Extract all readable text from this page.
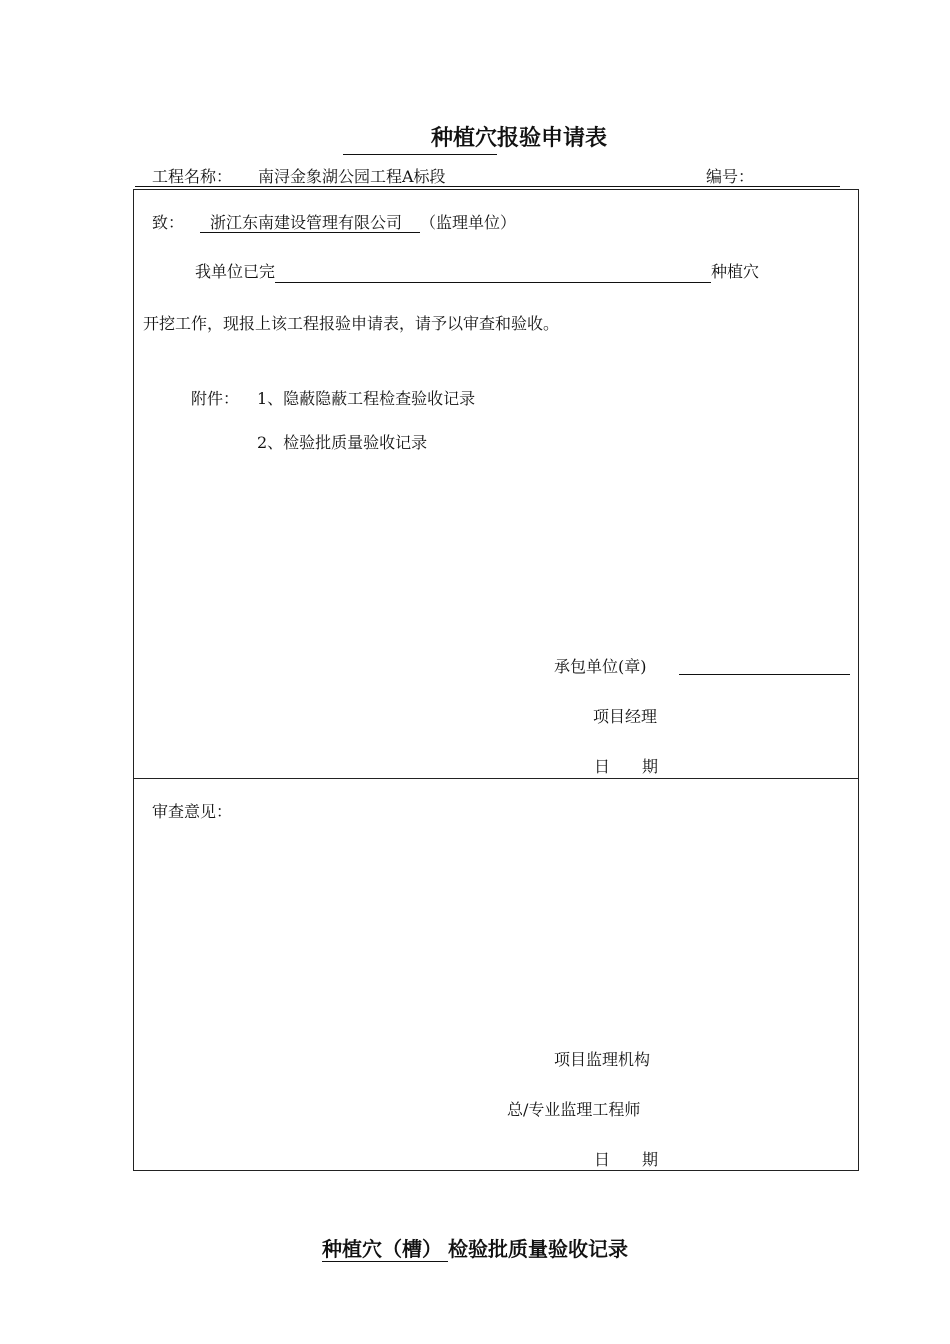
种植穴报验申请表
工程名称： 南浔金象湖公园工程A标段	编号：
致：	浙江东南建设管理有限公司 （监理单位）
我单位已完	种植穴
开挖工作，现报上该工程报验申请表，请予以审查和验收。
附件： 1、隐蔽隐蔽工程检查验收记录
2、检验批质量验收记录
承包单位(章)
项目经理
日　　期
审查意见：
项目监理机构
总/专业监理工程师
日　　期
种植穴（槽） 检验批质量验收记录
